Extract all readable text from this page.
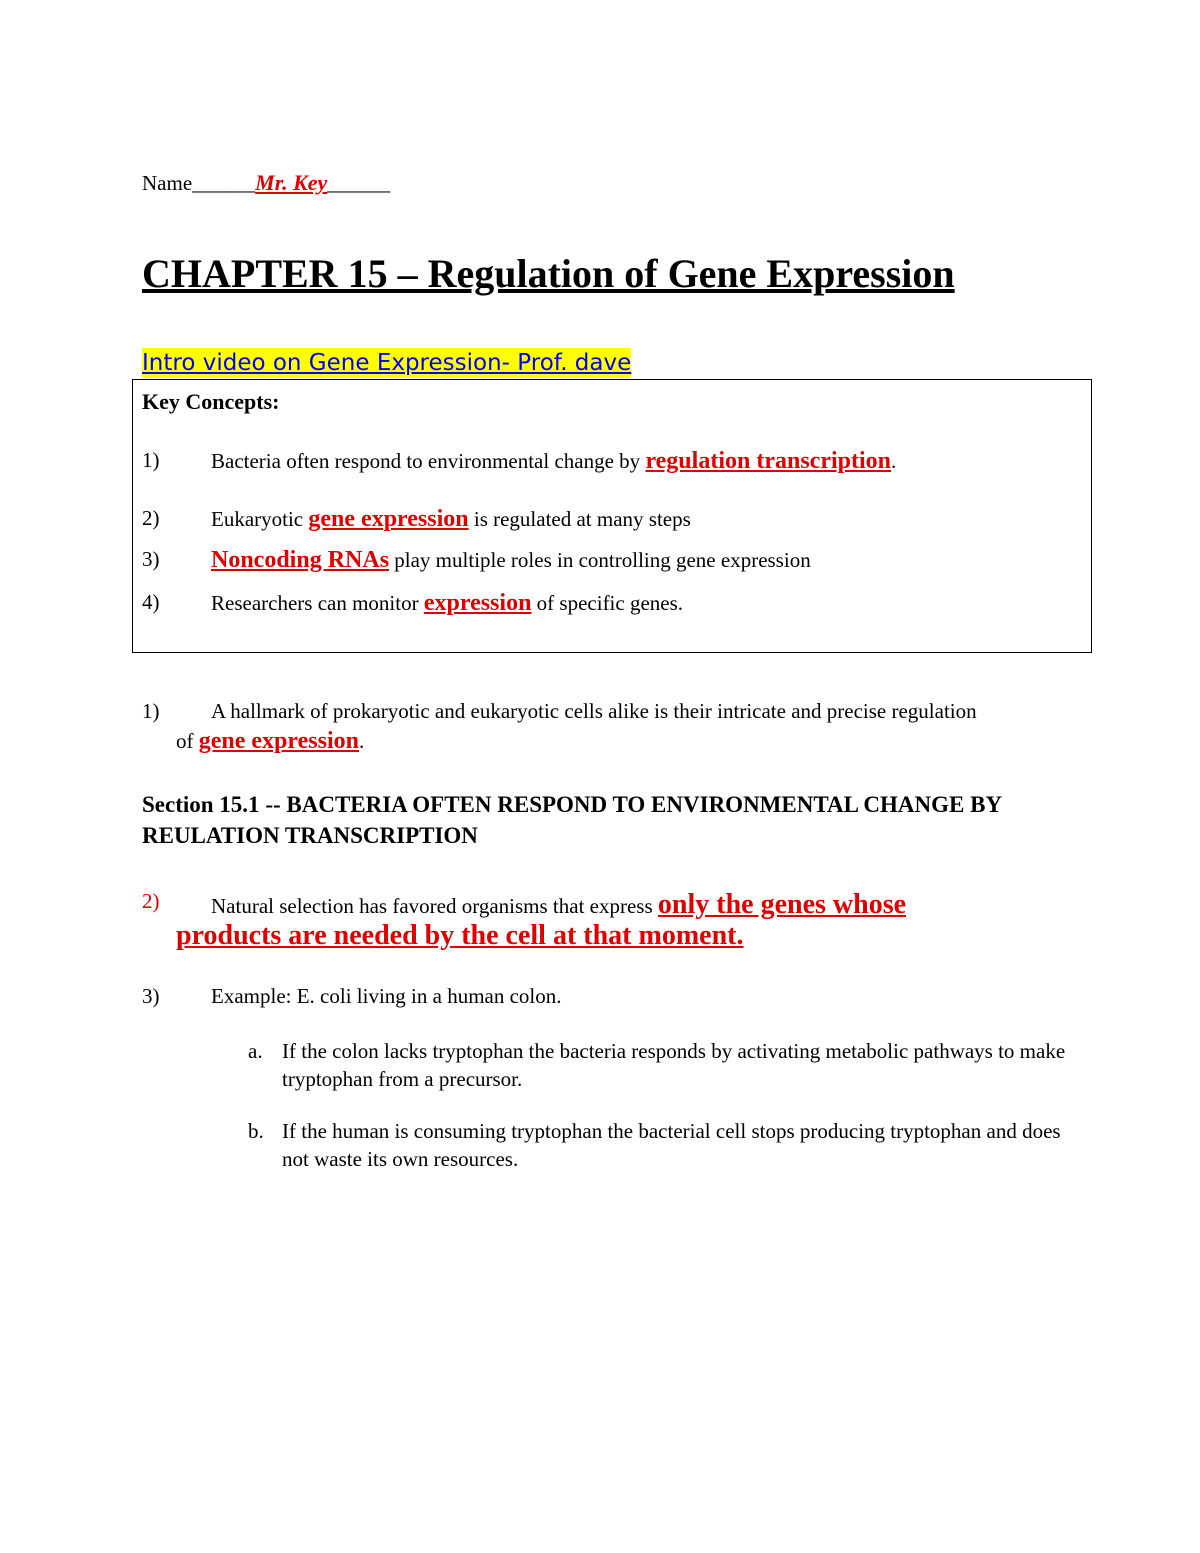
Name______Mr. Key______
CHAPTER 15 – Regulation of Gene Expression
Intro video on Gene Expression- Prof. dave
Key Concepts:
1) Bacteria often respond to environmental change by regulation transcription.
2) Eukaryotic gene expression is regulated at many steps
3) Noncoding RNAs play multiple roles in controlling gene expression
4) Researchers can monitor expression of specific genes.
1) A hallmark of prokaryotic and eukaryotic cells alike is their intricate and precise regulation
of gene expression.
Section 15.1 -- BACTERIA OFTEN RESPOND TO ENVIRONMENTAL CHANGE BY REULATION TRANSCRIPTION
2) Natural selection has favored organisms that express only the genes whose
products are needed by the cell at that moment.
3) Example: E. coli living in a human colon.
a. If the colon lacks tryptophan the bacteria responds by activating metabolic pathways to make tryptophan from a precursor.
b. If the human is consuming tryptophan the bacterial cell stops producing tryptophan and does not waste its own resources.
